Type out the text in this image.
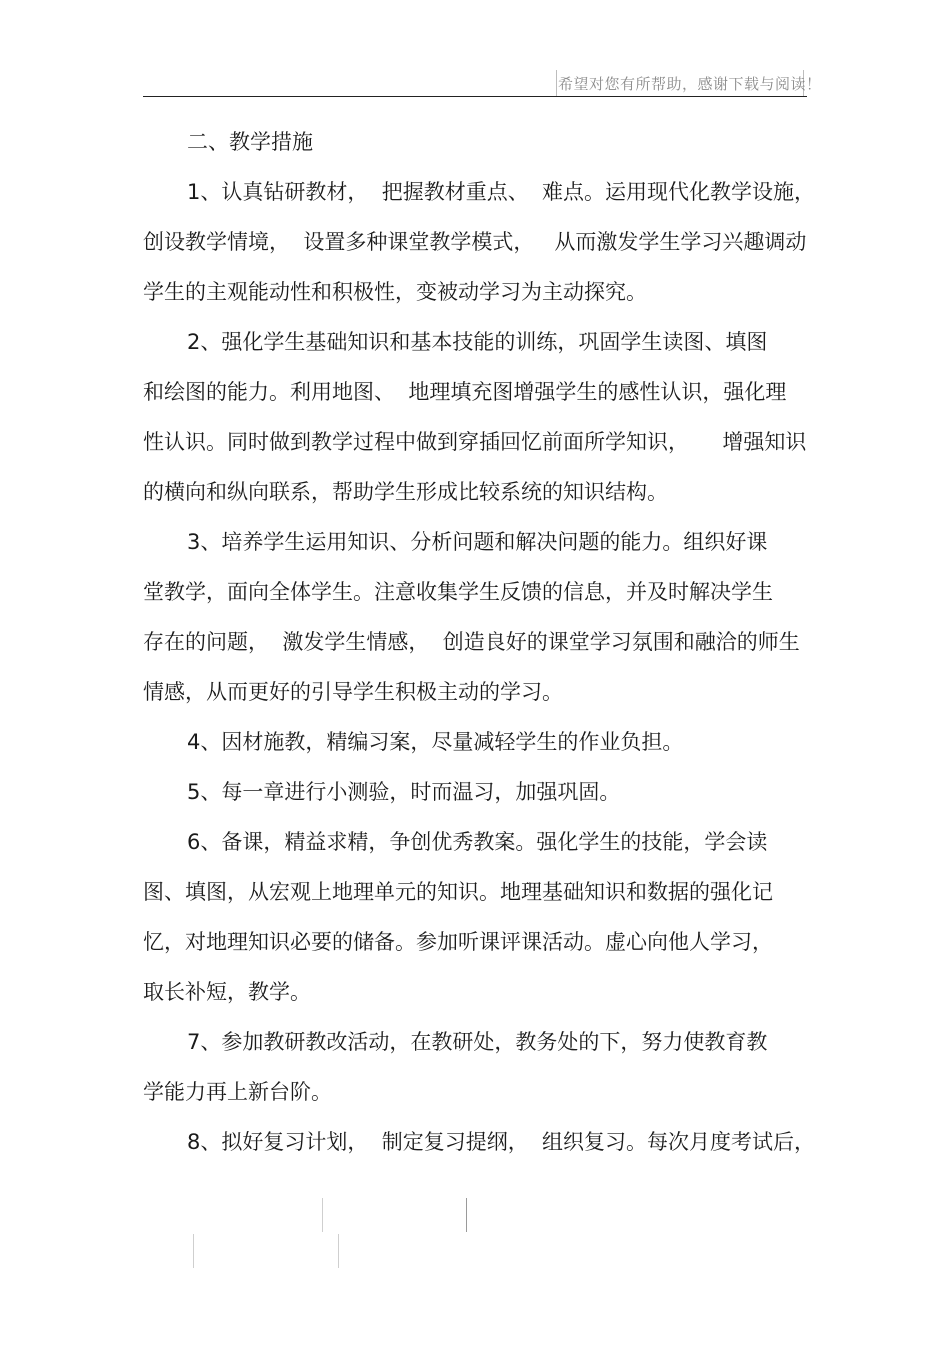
希望对您有所帮助，感谢下载与阅读！
二、教学措施
1、认真钻研教材，  把握教材重点、  难点。运用现代化教学设施，
创设教学情境，  设置多种课堂教学模式，   从而激发学生学习兴趣调动
学生的主观能动性和积极性，变被动学习为主动探究。
2、强化学生基础知识和基本技能的训练，巩固学生读图、填图
和绘图的能力。利用地图、  地理填充图增强学生的感性认识，强化理
性认识。同时做到教学过程中做到穿插回忆前面所学知识，     增强知识
的横向和纵向联系，帮助学生形成比较系统的知识结构。
3、培养学生运用知识、分析问题和解决问题的能力。组织好课
堂教学，面向全体学生。注意收集学生反馈的信息，并及时解决学生
存在的问题，  激发学生情感，  创造良好的课堂学习氛围和融洽的师生
情感，从而更好的引导学生积极主动的学习。
4、因材施教，精编习案，尽量减轻学生的作业负担。
5、每一章进行小测验，时而温习，加强巩固。
6、备课，精益求精，争创优秀教案。强化学生的技能，学会读
图、填图，从宏观上地理单元的知识。地理基础知识和数据的强化记
忆，对地理知识必要的储备。参加听课评课活动。虚心向他人学习，
取长补短，教学。
7、参加教研教改活动，在教研处，教务处的下，努力使教育教
学能力再上新台阶。
8、拟好复习计划，  制定复习提纲，  组织复习。每次月度考试后，
